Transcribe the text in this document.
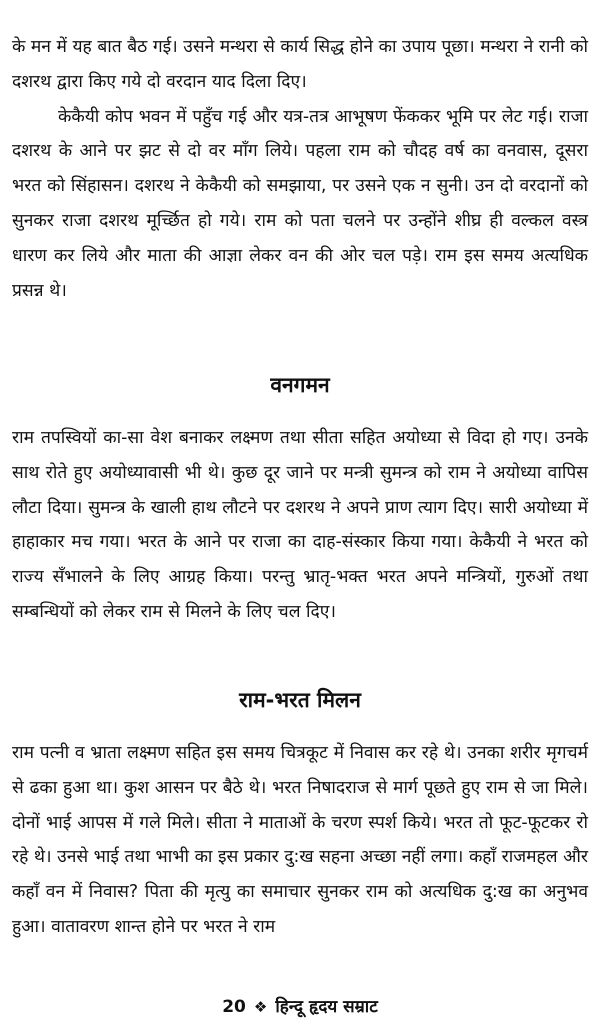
के मन में यह बात बैठ गई। उसने मन्थरा से कार्य सिद्ध होने का उपाय पूछा। मन्थरा ने रानी को दशरथ द्वारा किए गये दो वरदान याद दिला दिए।

केकैयी कोप भवन में पहुँच गई और यत्र-तत्र आभूषण फेंककर भूमि पर लेट गई। राजा दशरथ के आने पर झट से दो वर माँग लिये। पहला राम को चौदह वर्ष का वनवास, दूसरा भरत को सिंहासन। दशरथ ने केकैयी को समझाया, पर उसने एक न सुनी। उन दो वरदानों को सुनकर राजा दशरथ मूर्च्छित हो गये। राम को पता चलने पर उन्होंने शीघ्र ही वल्कल वस्त्र धारण कर लिये और माता की आज्ञा लेकर वन की ओर चल पड़े। राम इस समय अत्यधिक प्रसन्न थे।

वनगमन

राम तपस्वियों का-सा वेश बनाकर लक्ष्मण तथा सीता सहित अयोध्या से विदा हो गए। उनके साथ रोते हुए अयोध्यावासी भी थे। कुछ दूर जाने पर मन्त्री सुमन्त्र को राम ने अयोध्या वापिस लौटा दिया। सुमन्त्र के खाली हाथ लौटने पर दशरथ ने अपने प्राण त्याग दिए। सारी अयोध्या में हाहाकार मच गया। भरत के आने पर राजा का दाह-संस्कार किया गया। केकैयी ने भरत को राज्य सँभालने के लिए आग्रह किया। परन्तु भ्रातृ-भक्त भरत अपने मन्त्रियों, गुरुओं तथा सम्बन्धियों को लेकर राम से मिलने के लिए चल दिए।

राम-भरत मिलन

राम पत्नी व भ्राता लक्ष्मण सहित इस समय चित्रकूट में निवास कर रहे थे। उनका शरीर मृगचर्म से ढका हुआ था। कुश आसन पर बैठे थे। भरत निषादराज से मार्ग पूछते हुए राम से जा मिले। दोनों भाई आपस में गले मिले। सीता ने माताओं के चरण स्पर्श किये। भरत तो फूट-फूटकर रो रहे थे। उनसे भाई तथा भाभी का इस प्रकार दु:ख सहना अच्छा नहीं लगा। कहाँ राजमहल और कहाँ वन में निवास? पिता की मृत्यु का समाचार सुनकर राम को अत्यधिक दु:ख का अनुभव हुआ। वातावरण शान्त होने पर भरत ने राम

20 ❖ हिन्दू हृदय सम्राट
